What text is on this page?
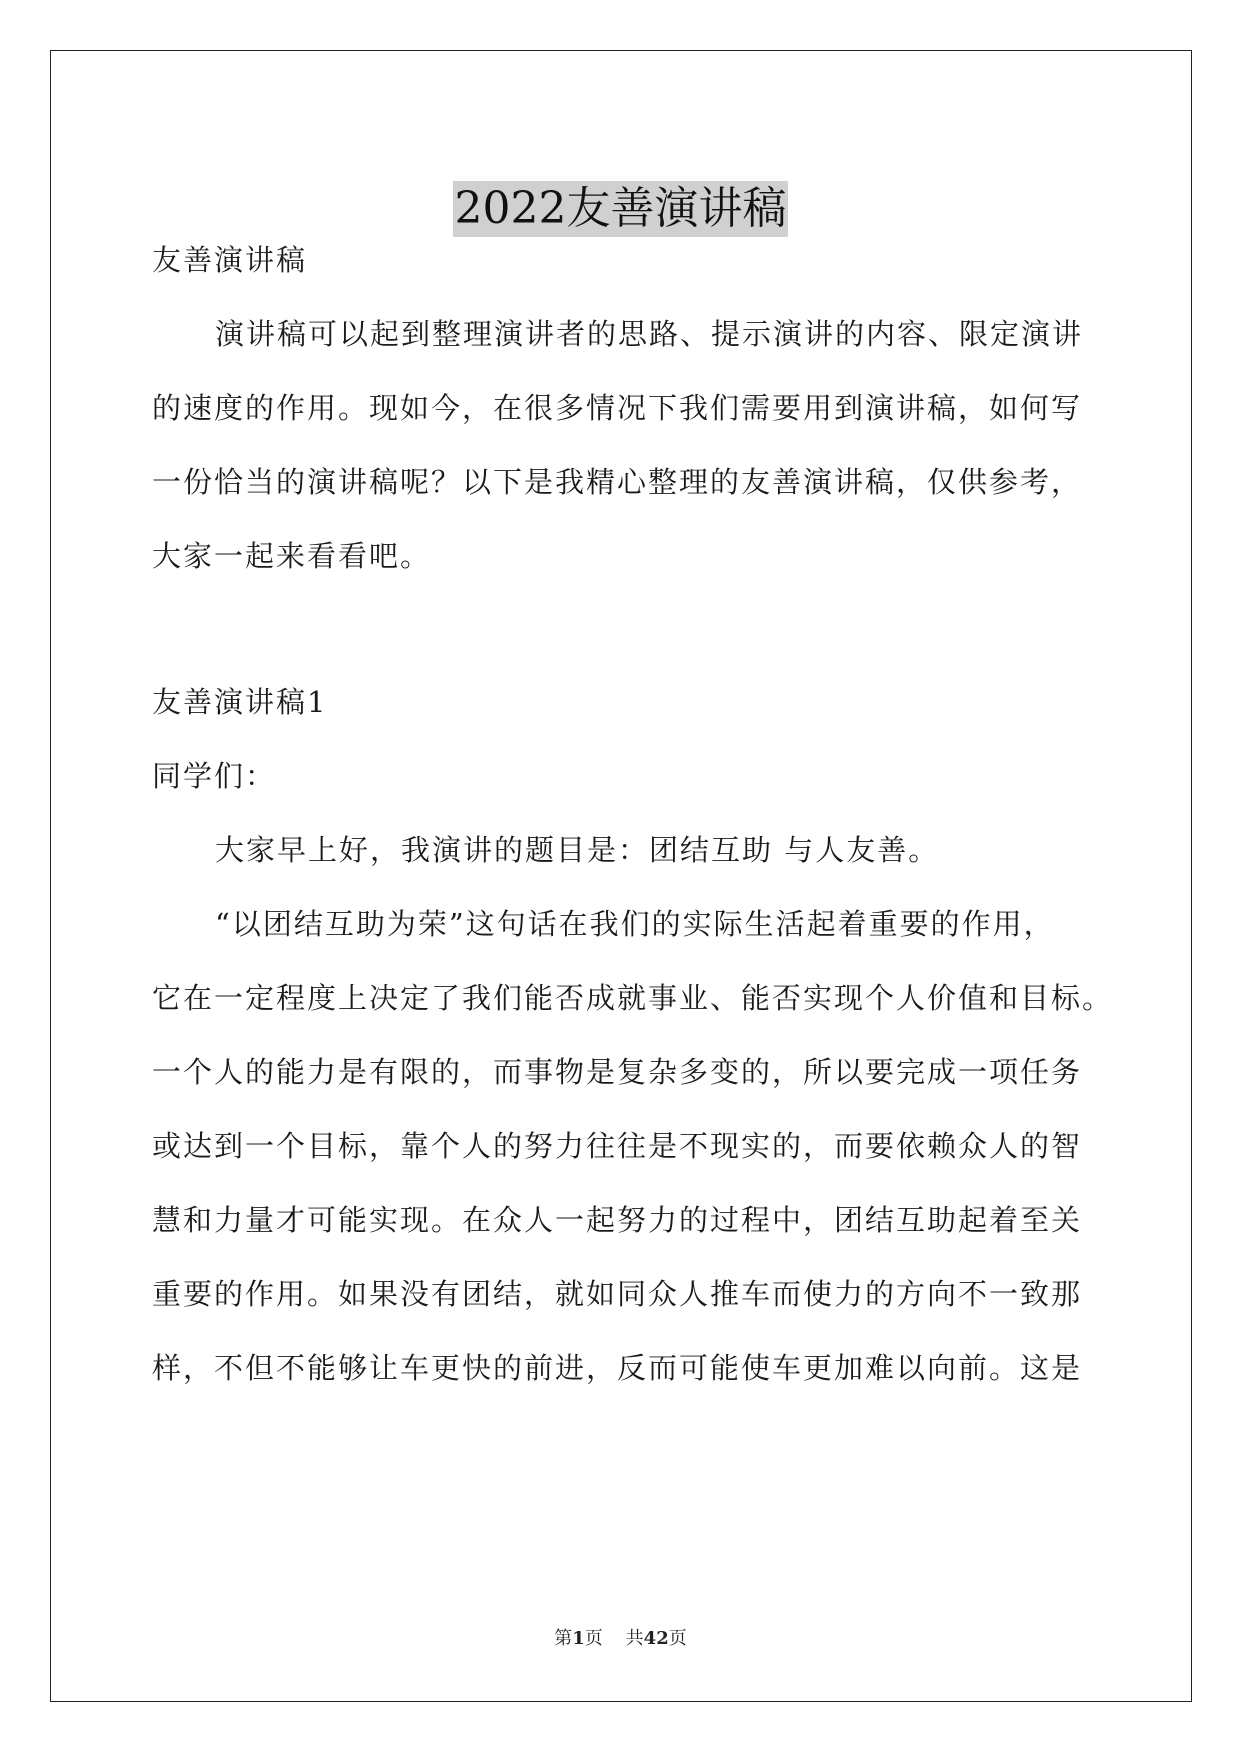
2022友善演讲稿
友善演讲稿
演讲稿可以起到整理演讲者的思路、提示演讲的内容、限定演讲
的速度的作用。现如今，在很多情况下我们需要用到演讲稿，如何写
一份恰当的演讲稿呢？以下是我精心整理的友善演讲稿，仅供参考，
大家一起来看看吧。
友善演讲稿1
同学们：
大家早上好，我演讲的题目是：团结互助 与人友善。
“以团结互助为荣”这句话在我们的实际生活起着重要的作用，
它在一定程度上决定了我们能否成就事业、能否实现个人价值和目标。
一个人的能力是有限的，而事物是复杂多变的，所以要完成一项任务
或达到一个目标，靠个人的努力往往是不现实的，而要依赖众人的智
慧和力量才可能实现。在众人一起努力的过程中，团结互助起着至关
重要的作用。如果没有团结，就如同众人推车而使力的方向不一致那
样，不但不能够让车更快的前进，反而可能使车更加难以向前。这是
第1页 共42页
